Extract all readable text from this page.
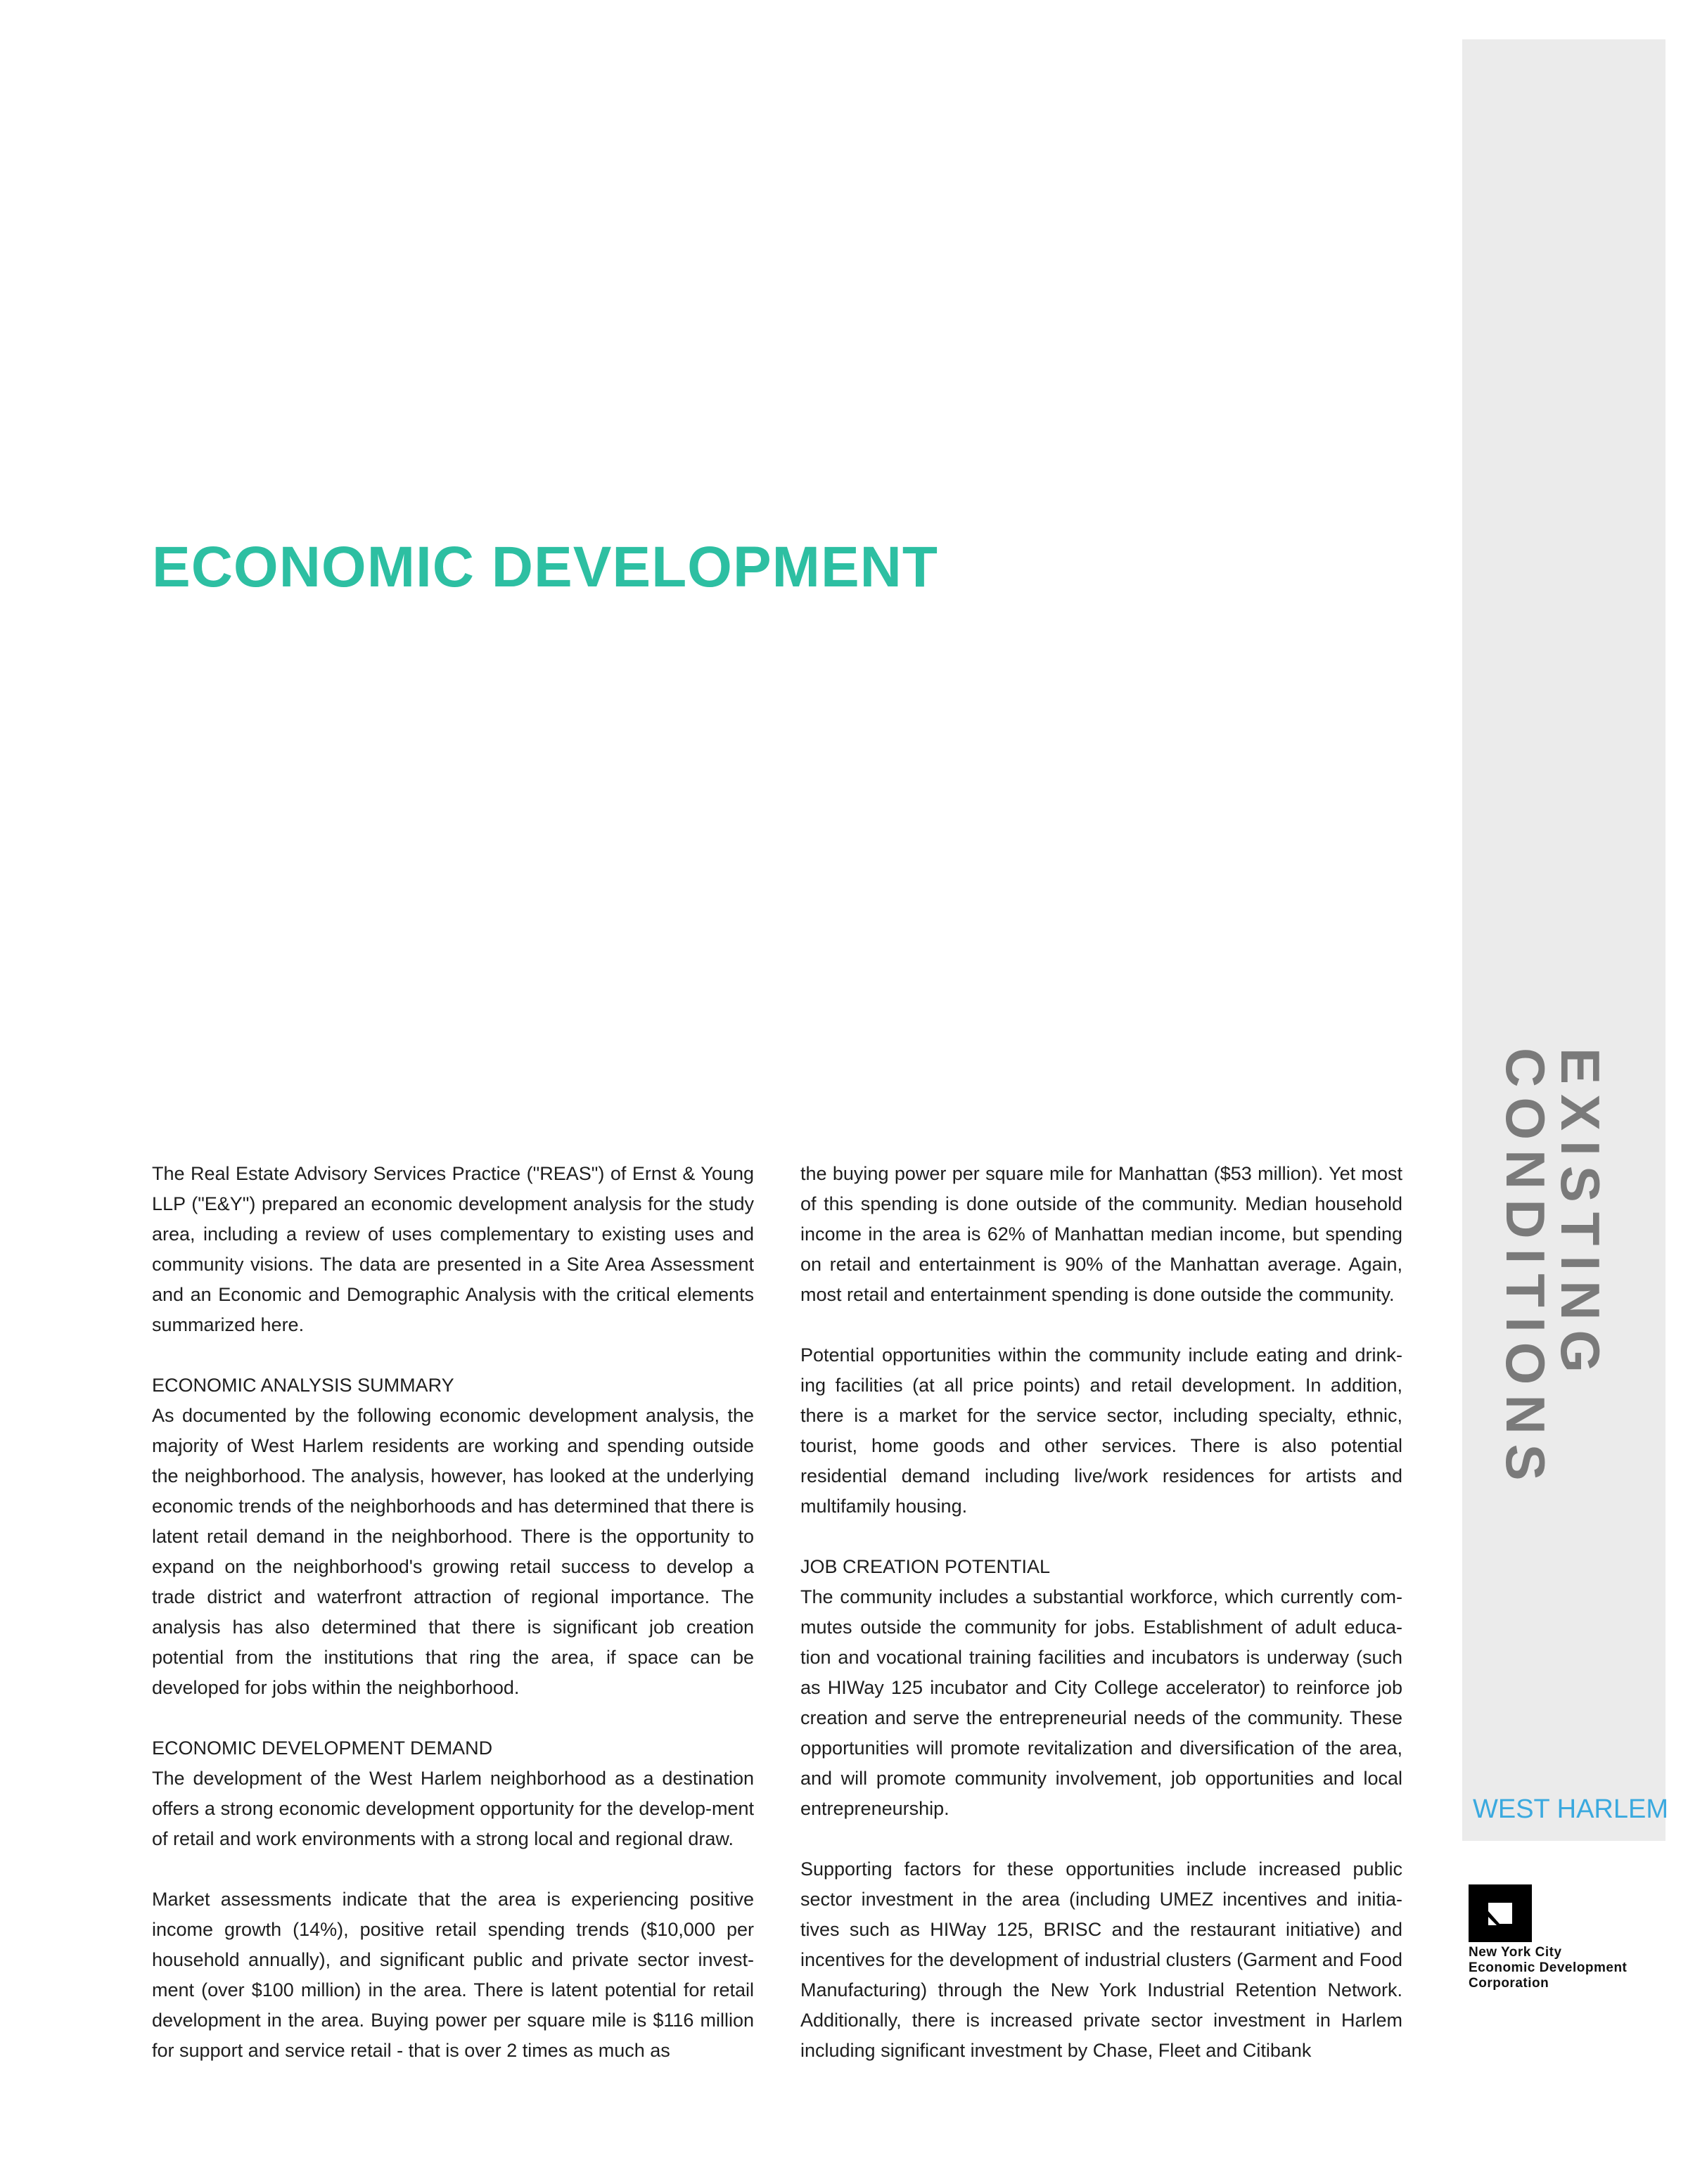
ECONOMIC DEVELOPMENT

The Real Estate Advisory Services Practice ("REAS") of Ernst & Young LLP ("E&Y") prepared an economic development analysis for the study area, including a review of uses complementary to existing uses and community visions. The data are presented in a Site Area Assessment and an Economic and Demographic Analysis with the critical elements summarized here.

ECONOMIC ANALYSIS SUMMARY
As documented by the following economic development analysis, the majority of West Harlem residents are working and spending outside the neighborhood. The analysis, however, has looked at the underlying economic trends of the neighborhoods and has determined that there is latent retail demand in the neighborhood. There is the opportunity to expand on the neighborhood's growing retail success to develop a trade district and waterfront attraction of regional importance. The analysis has also determined that there is significant job creation potential from the institutions that ring the area, if space can be developed for jobs within the neighborhood.

ECONOMIC DEVELOPMENT DEMAND
The development of the West Harlem neighborhood as a destination offers a strong economic development opportunity for the develop-ment of retail and work environments with a strong local and regional draw.

Market assessments indicate that the area is experiencing positive income growth (14%), positive retail spending trends ($10,000 per household annually), and significant public and private sector invest-ment (over $100 million) in the area. There is latent potential for retail development in the area. Buying power per square mile is $116 million for support and service retail - that is over 2 times as much as

the buying power per square mile for Manhattan ($53 million). Yet most of this spending is done outside of the community. Median household income in the area is 62% of Manhattan median income, but spending on retail and entertainment is 90% of the Manhattan average. Again, most retail and entertainment spending is done outside the community.

Potential opportunities within the community include eating and drink-ing facilities (at all price points) and retail development. In addition, there is a market for the service sector, including specialty, ethnic, tourist, home goods and other services. There is also potential residential demand including live/work residences for artists and multifamily housing.

JOB CREATION POTENTIAL
The community includes a substantial workforce, which currently com-mutes outside the community for jobs. Establishment of adult educa-tion and vocational training facilities and incubators is underway (such as HIWay 125 incubator and City College accelerator) to reinforce job creation and serve the entrepreneurial needs of the community. These opportunities will promote revitalization and diversification of the area, and will promote community involvement, job opportunities and local entrepreneurship.

Supporting factors for these opportunities include increased public sector investment in the area (including UMEZ incentives and initia-tives such as HIWay 125, BRISC and the restaurant initiative) and incentives for the development of industrial clusters (Garment and Food Manufacturing) through the New York Industrial Retention Network. Additionally, there is increased private sector investment in Harlem including significant investment by Chase, Fleet and Citibank

EXISTING
CONDITIONS
WEST HARLEM
New York City
Economic Development
Corporation
